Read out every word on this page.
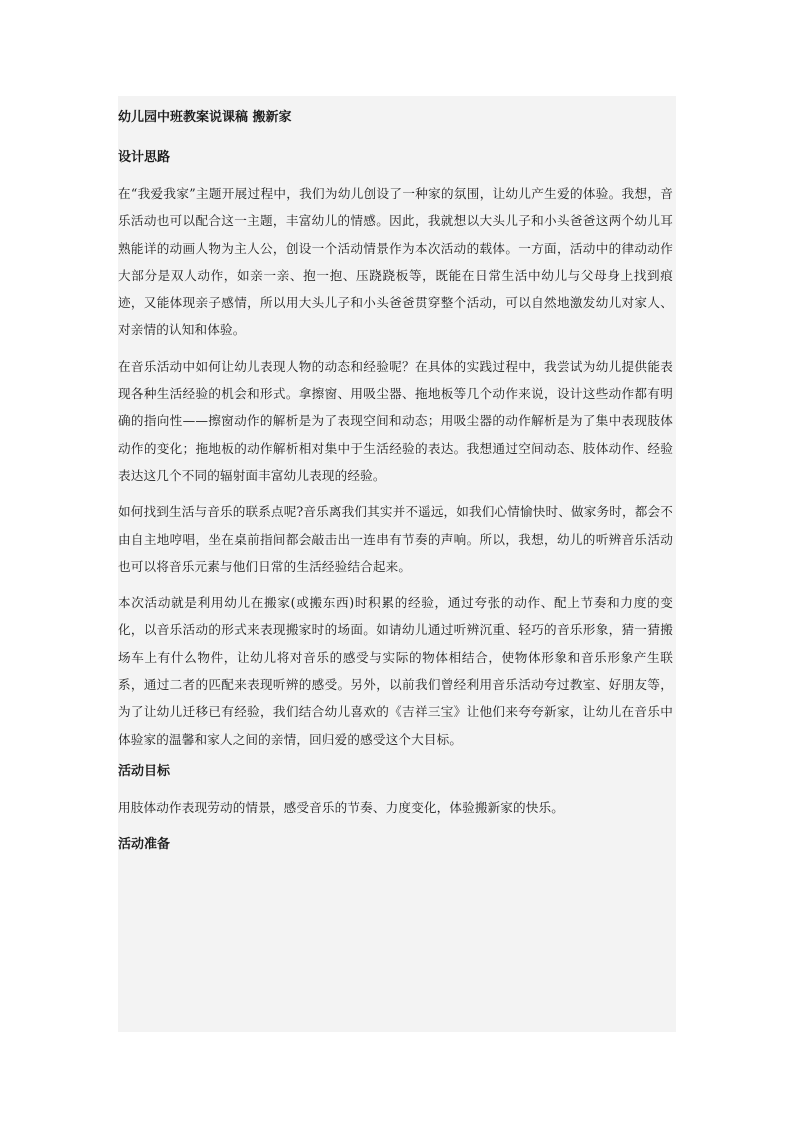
幼儿园中班教案说课稿 搬新家
设计思路

在“我爱我家”主题开展过程中，我们为幼儿创设了一种家的氛围，让幼儿产生爱的体验。我想，音乐活动也可以配合这一主题，丰富幼儿的情感。因此，我就想以大头儿子和小头爸爸这两个幼儿耳熟能详的动画人物为主人公，创设一个活动情景作为本次活动的载体。一方面，活动中的律动动作大部分是双人动作，如亲一亲、抱一抱、压跷跷板等，既能在日常生活中幼儿与父母身上找到痕迹，又能体现亲子感情，所以用大头儿子和小头爸爸贯穿整个活动，可以自然地激发幼儿对家人、对亲情的认知和体验。

在音乐活动中如何让幼儿表现人物的动态和经验呢？在具体的实践过程中，我尝试为幼儿提供能表现各种生活经验的机会和形式。拿擦窗、用吸尘器、拖地板等几个动作来说，设计这些动作都有明确的指向性——擦窗动作的解析是为了表现空间和动态；用吸尘器的动作解析是为了集中表现肢体动作的变化；拖地板的动作解析相对集中于生活经验的表达。我想通过空间动态、肢体动作、经验表达这几个不同的辐射面丰富幼儿表现的经验。

如何找到生活与音乐的联系点呢?音乐离我们其实并不遥远，如我们心情愉快时、做家务时，都会不由自主地哼唱，坐在桌前指间都会敲击出一连串有节奏的声响。所以，我想，幼儿的听辨音乐活动也可以将音乐元素与他们日常的生活经验结合起来。

本次活动就是利用幼儿在搬家(或搬东西)时积累的经验，通过夸张的动作、配上节奏和力度的变化，以音乐活动的形式来表现搬家时的场面。如请幼儿通过听辨沉重、轻巧的音乐形象，猜一猜搬场车上有什么物件，让幼儿将对音乐的感受与实际的物体相结合，使物体形象和音乐形象产生联系，通过二者的匹配来表现听辨的感受。另外，以前我们曾经利用音乐活动夸过教室、好朋友等，为了让幼儿迁移已有经验，我们结合幼儿喜欢的《吉祥三宝》让他们来夸夸新家，让幼儿在音乐中体验家的温馨和家人之间的亲情，回归爱的感受这个大目标。

活动目标

用肢体动作表现劳动的情景，感受音乐的节奏、力度变化，体验搬新家的快乐。

活动准备
